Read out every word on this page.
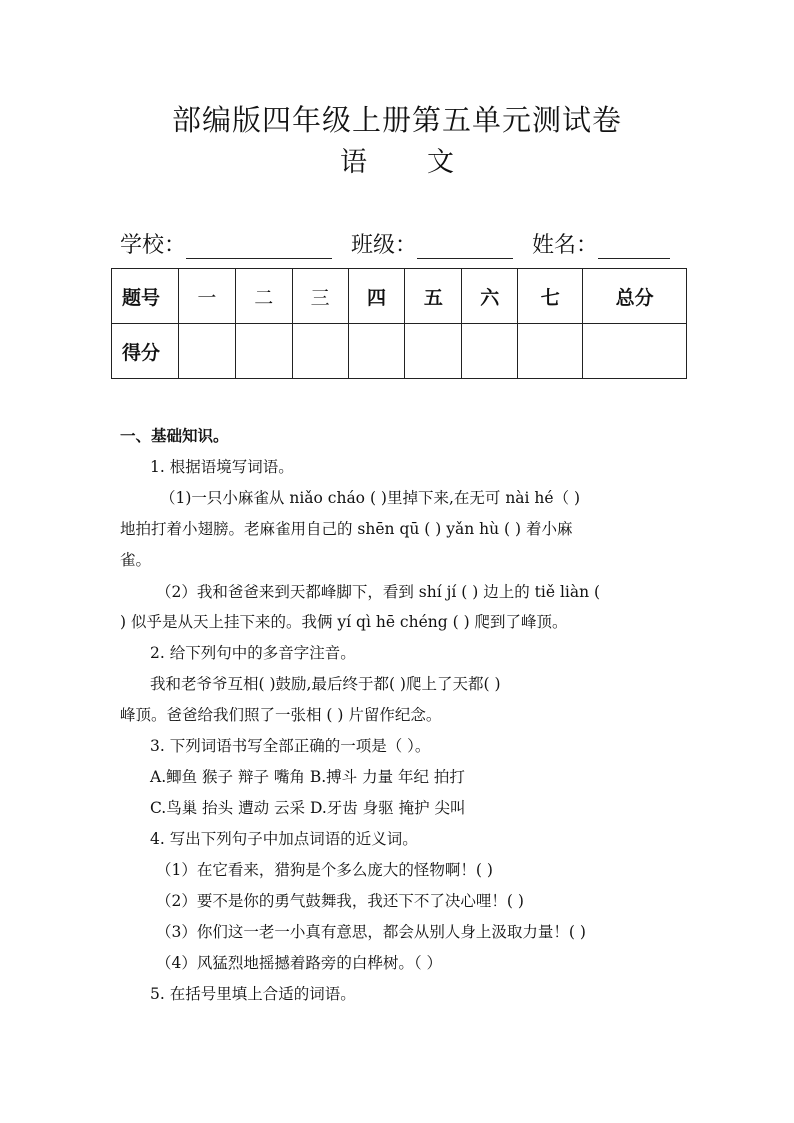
部编版四年级上册第五单元测试卷
语 文
学校：	班级：	姓名：
题号	一	二	三	四	五	六	七	总分
得分								
一、基础知识。
1. 根据语境写词语。
（1)一只小麻雀从 niǎo cháo ( )里掉下来,在无可 nài hé（ )
地拍打着小翅膀。老麻雀用自己的 shēn qū ( ) yǎn hù ( ) 着小麻
雀。
（2）我和爸爸来到天都峰脚下，看到 shí jí ( ) 边上的 tiě liàn (
) 似乎是从天上挂下来的。我俩 yí qì hē chéng ( ) 爬到了峰顶。
2. 给下列句中的多音字注音。
我和老爷爷互相( )鼓励,最后终于都( )爬上了天都( )
峰顶。爸爸给我们照了一张相 ( ) 片留作纪念。
3. 下列词语书写全部正确的一项是（ ）。
A.鲫鱼 猴子 辩子 嘴角 B.搏斗 力量 年纪 拍打
C.鸟巢 抬头 遭动 云采 D.牙齿 身驱 掩护 尖叫
4. 写出下列句子中加点词语的近义词。
（1）在它看来，猎狗是个多么庞大的怪物啊！( )
（2）要不是你的勇气鼓舞我，我还下不了决心哩！( )
（3）你们这一老一小真有意思，都会从别人身上汲取力量！( )
（4）风猛烈地摇撼着路旁的白桦树。（ ）
5. 在括号里填上合适的词语。
